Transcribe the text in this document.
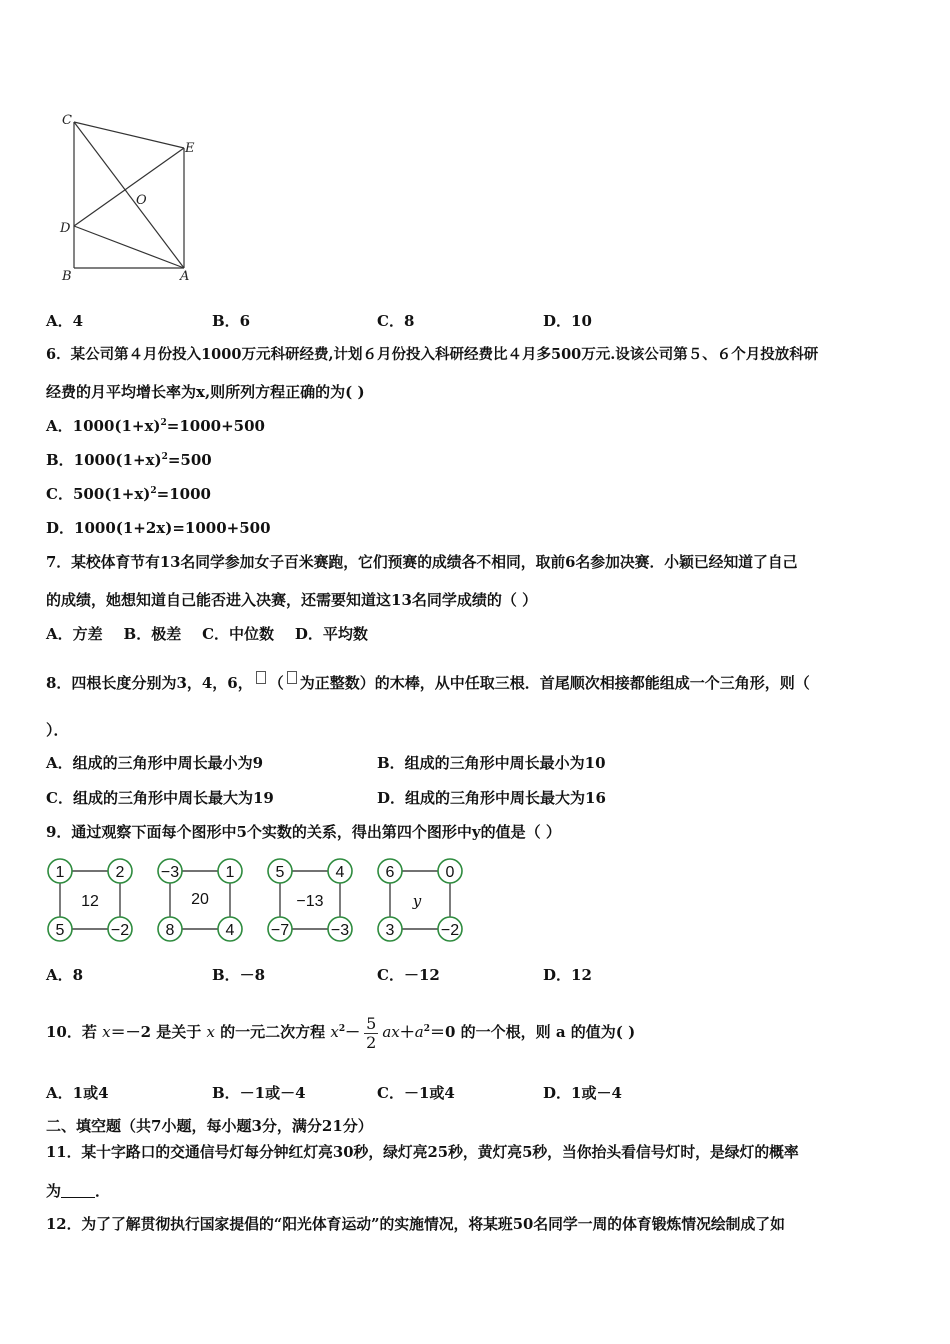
C
E
O
D
B	A
A．4	B．6	C．8	D．10
6．某公司第４月份投入1000万元科研经费,计划６月份投入科研经费比４月多500万元.设该公司第５、６个月投放科研
经费的月平均增长率为x,则所列方程正确的为( )
A．$1000(1+x)^2=1000+500$
B．$1000(1+x)^2=500$
C．$500(1+x)^2=1000$
D．1000(1+2x)=1000+500
7．某校体育节有13名同学参加女子百米赛跑，它们预赛的成绩各不相同，取前6名参加决赛．小颖已经知道了自己
的成绩，她想知道自己能否进入决赛，还需要知道这13名同学成绩的（ ）
A．方差    B．极差    C．中位数    D．平均数
8．四根长度分别为3，4，6， （ 为正整数）的木棒，从中任取三根．首尾顺次相接都能组成一个三角形，则（
）．
A．组成的三角形中周长最小为9	B．组成的三角形中周长最小为10
C．组成的三角形中周长最大为19	D．组成的三角形中周长最大为16
9．通过观察下面每个图形中5个实数的关系，得出第四个图形中y的值是（ ）
1	2
5	−2
12
−3	1
8	4
20
5	4
−7	−3
−13
6	0
3	−2
y
A．8	B．－8	C．－12	D．12
10．若 x＝－2 是关于 x 的一元二次方程 $x^2- \frac{5}{2} ax+a^2=0$ 的一个根，则 a 的值为( )
A．1或4	B．－1或－4	C．－1或4	D．1或－4
二、填空题（共7小题，每小题3分，满分21分）
11．某十字路口的交通信号灯每分钟红灯亮30秒，绿灯亮25秒，黄灯亮5秒，当你抬头看信号灯时，是绿灯的概率
为 ．
12．为了了解贯彻执行国家提倡的“阳光体育运动”的实施情况，将某班50名同学一周的体育锻炼情况绘制成了如
